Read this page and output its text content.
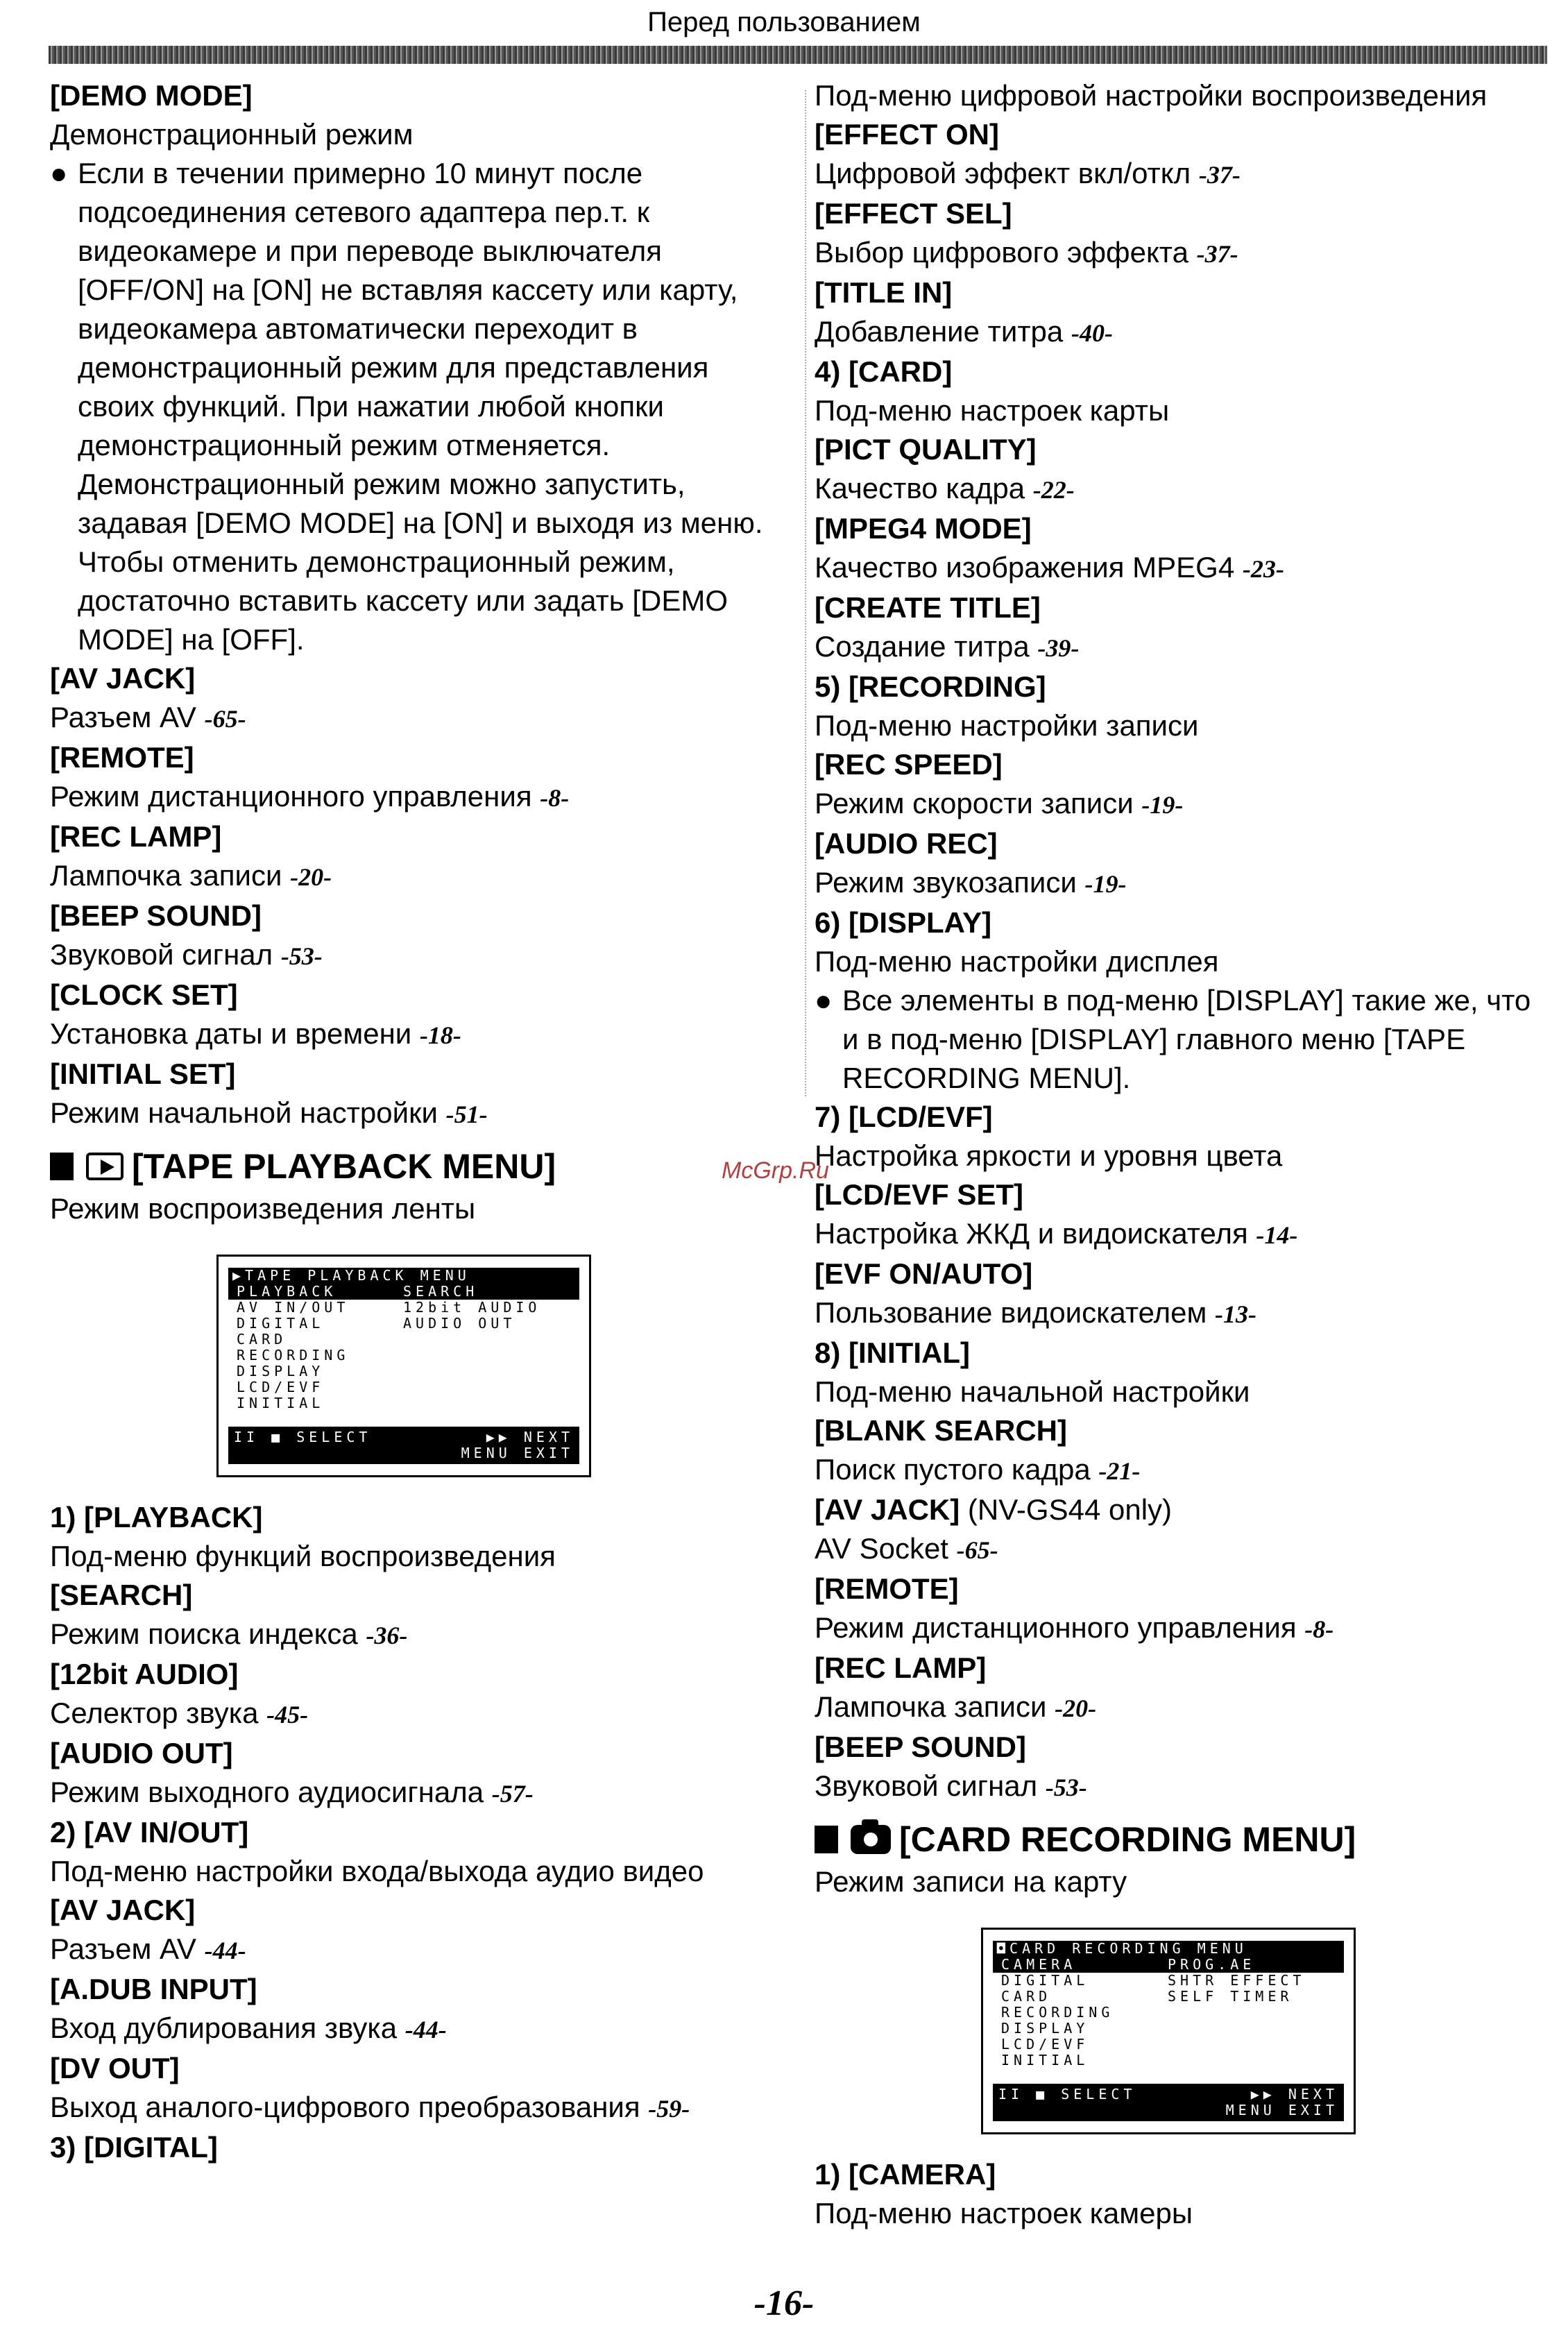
Перед пользованием
[DEMO MODE]
Демонстрационный режим
● Если в течении примерно 10 минут после подсоединения сетевого адаптера пер.т. к видеокамере и при переводе выключателя [OFF/ON] на [ON] не вставляя кассету или карту, видеокамера автоматически переходит в демонстрационный режим для представления своих функций. При нажатии любой кнопки демонстрационный режим отменяется. Демонстрационный режим можно запустить, задавая [DEMO MODE] на [ON] и выходя из меню. Чтобы отменить демонстрационный режим, достаточно вставить кассету или задать [DEMO MODE] на [OFF].
[AV JACK]
Разъем AV -65-
[REMOTE]
Режим дистанционного управления -8-
[REC LAMP]
Лампочка записи -20-
[BEEP SOUND]
Звуковой сигнал -53-
[CLOCK SET]
Установка даты и времени -18-
[INITIAL SET]
Режим начальной настройки -51-
[TAPE PLAYBACK MENU]
Режим воспроизведения ленты
▶TAPE PLAYBACK MENU
PLAYBACK	SEARCH
AV IN/OUT	12bit AUDIO
DIGITAL	AUDIO OUT
CARD
RECORDING
DISPLAY
LCD/EVF
INITIAL
II ■ SELECT	▶▶ NEXT
MENU EXIT
1) [PLAYBACK]
Под-меню функций воспроизведения
[SEARCH]
Режим поиска индекса -36-
[12bit AUDIO]
Селектор звука -45-
[AUDIO OUT]
Режим выходного аудиосигнала -57-
2) [AV IN/OUT]
Под-меню настройки входа/выхода аудио видео
[AV JACK]
Разъем AV -44-
[A.DUB INPUT]
Вход дублирования звука -44-
[DV OUT]
Выход аналого-цифрового преобразования -59-
3) [DIGITAL]
Под-меню цифровой настройки воспроизведения
[EFFECT ON]
Цифровой эффект вкл/откл -37-
[EFFECT SEL]
Выбор цифрового эффекта -37-
[TITLE IN]
Добавление титра -40-
4) [CARD]
Под-меню настроек карты
[PICT QUALITY]
Качество кадра -22-
[MPEG4 MODE]
Качество изображения MPEG4 -23-
[CREATE TITLE]
Создание титра -39-
5) [RECORDING]
Под-меню настройки записи
[REC SPEED]
Режим скорости записи -19-
[AUDIO REC]
Режим звукозаписи -19-
6) [DISPLAY]
Под-меню настройки дисплея
● Все элементы в под-меню [DISPLAY] такие же, что и в под-меню [DISPLAY] главного меню [TAPE RECORDING MENU].
7) [LCD/EVF]
Настройка яркости и уровня цвета
[LCD/EVF SET]
Настройка ЖКД и видоискателя -14-
[EVF ON/AUTO]
Пользование видоискателем -13-
8) [INITIAL]
Под-меню начальной настройки
[BLANK SEARCH]
Поиск пустого кадра -21-
[AV JACK] (NV-GS44 only)
AV Socket -65-
[REMOTE]
Режим дистанционного управления -8-
[REC LAMP]
Лампочка записи -20-
[BEEP SOUND]
Звуковой сигнал -53-
[CARD RECORDING MENU]
Режим записи на карту
◘CARD RECORDING MENU
CAMERA	PROG.AE
DIGITAL	SHTR EFFECT
CARD	SELF TIMER
RECORDING
DISPLAY
LCD/EVF
INITIAL
II ■ SELECT	▶▶ NEXT
MENU EXIT
1) [CAMERA]
Под-меню настроек камеры
McGrp.Ru
-16-
